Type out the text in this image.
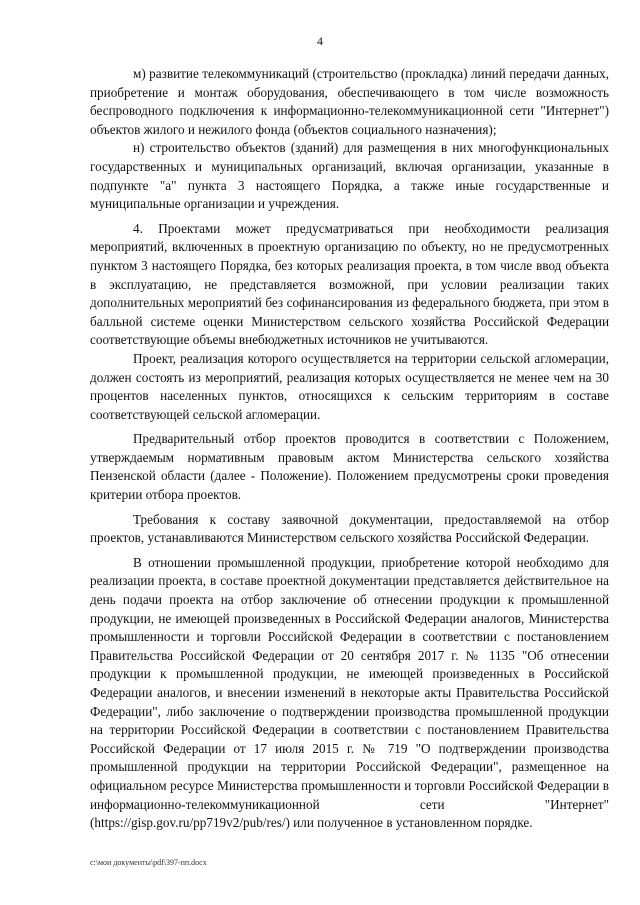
4

м) развитие телекоммуникаций (строительство (прокладка) линий передачи данных, приобретение и монтаж оборудования, обеспечивающего в том числе возможность беспроводного подключения к информационно-телекоммуникационной сети "Интернет") объектов жилого и нежилого фонда (объектов социального назначения);

н) строительство объектов (зданий) для размещения в них многофункциональных государственных и муниципальных организаций, включая организации, указанные в подпункте "а" пункта 3 настоящего Порядка, а также иные государственные и муниципальные организации и учреждения.

4. Проектами может предусматриваться при необходимости реализация мероприятий, включенных в проектную организацию по объекту, но не предусмотренных пунктом 3 настоящего Порядка, без которых реализация проекта, в том числе ввод объекта в эксплуатацию, не представляется возможной, при условии реализации таких дополнительных мероприятий без софинансирования из федерального бюджета, при этом в балльной системе оценки Министерством сельского хозяйства Российской Федерации соответствующие объемы внебюджетных источников не учитываются.

Проект, реализация которого осуществляется на территории сельской агломерации, должен состоять из мероприятий, реализация которых осуществляется не менее чем на 30 процентов населенных пунктов, относящихся к сельским территориям в составе соответствующей сельской агломерации.

Предварительный отбор проектов проводится в соответствии с Положением, утверждаемым нормативным правовым актом Министерства сельского хозяйства Пензенской области (далее - Положение). Положением предусмотрены сроки проведения критерии отбора проектов.

Требования к составу заявочной документации, предоставляемой на отбор проектов, устанавливаются Министерством сельского хозяйства Российской Федерации.

В отношении промышленной продукции, приобретение которой необходимо для реализации проекта, в составе проектной документации представляется действительное на день подачи проекта на отбор заключение об отнесении продукции к промышленной продукции, не имеющей произведенных в Российской Федерации аналогов, Министерства промышленности и торговли Российской Федерации в соответствии с постановлением Правительства Российской Федерации от 20 сентября 2017 г. № 1135 "Об отнесении продукции к промышленной продукции, не имеющей произведенных в Российской Федерации аналогов, и внесении изменений в некоторые акты Правительства Российской Федерации", либо заключение о подтверждении производства промышленной продукции на территории Российской Федерации в соответствии с постановлением Правительства Российской Федерации от 17 июля 2015 г. № 719 "О подтверждении производства промышленной продукции на территории Российской Федерации", размещенное на официальном ресурсе Министерства промышленности и торговли Российской Федерации в информационно-телекоммуникационной сети "Интернет" (https://gisp.gov.ru/pp719v2/pub/res/) или полученное в установленном порядке.

c:\мои документы\pdf\397-пп.docx
